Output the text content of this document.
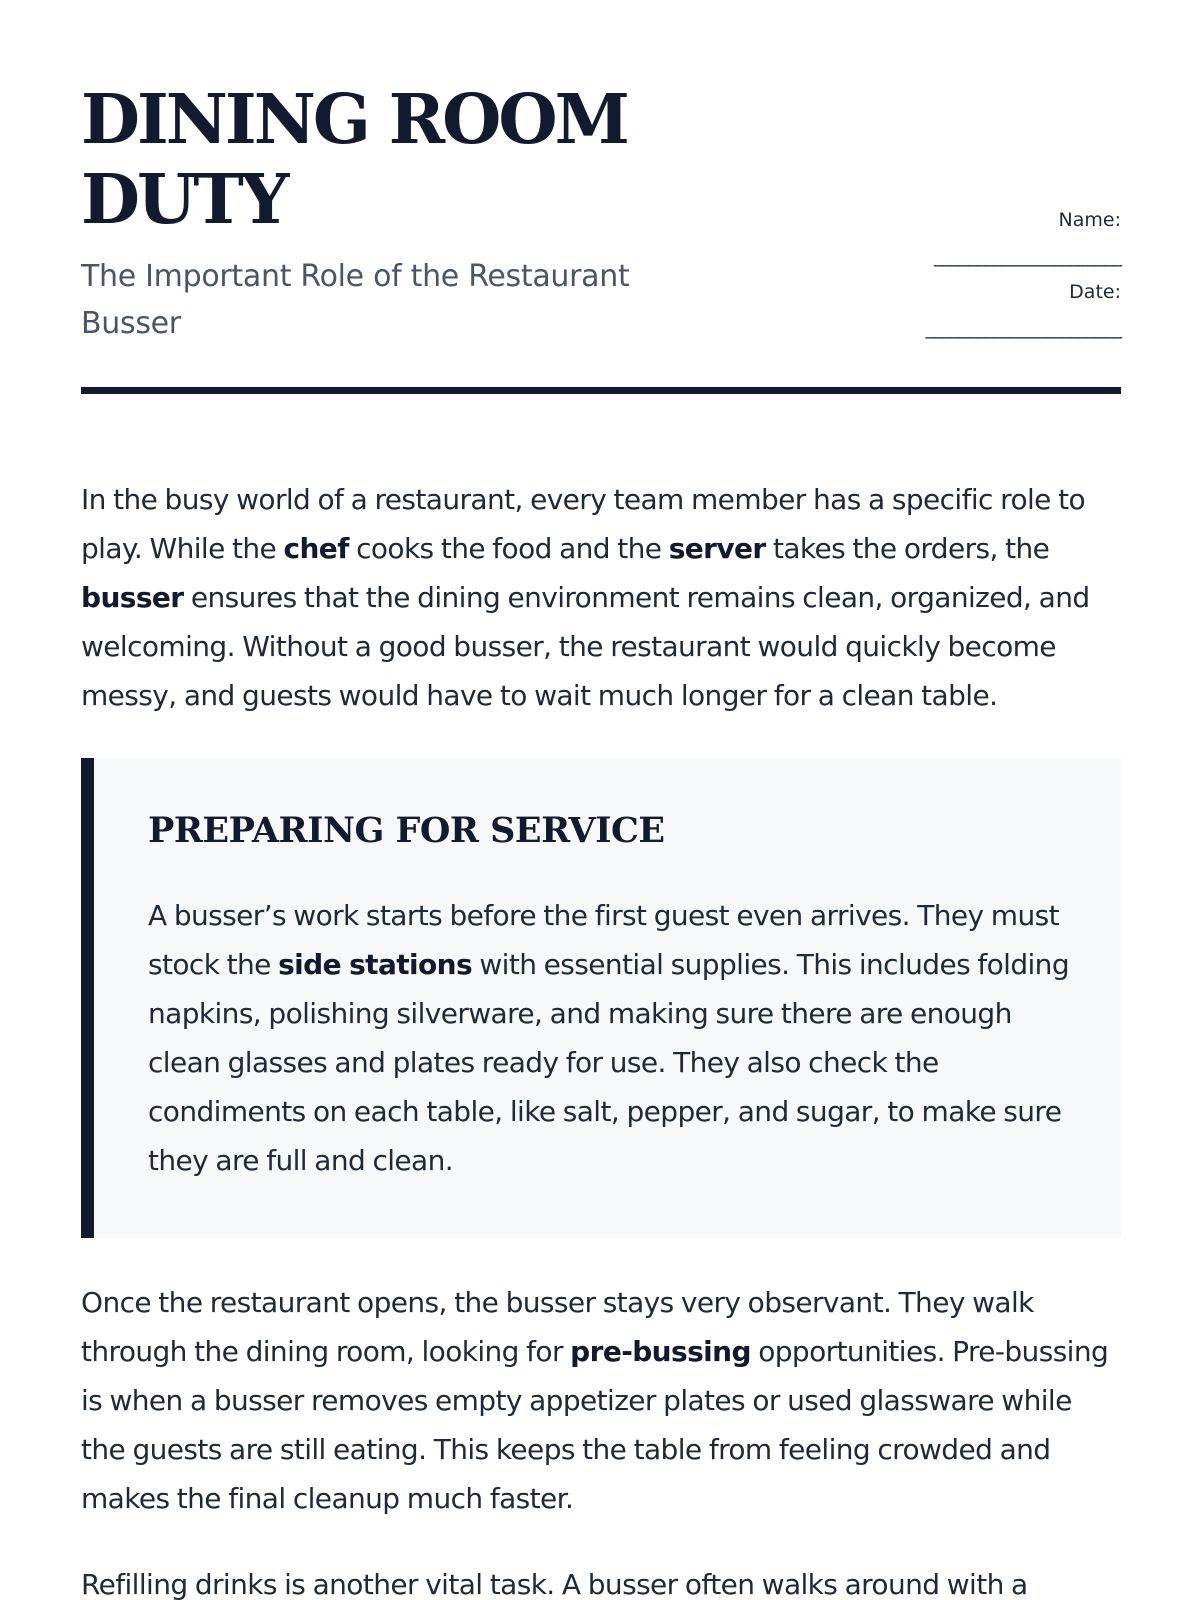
DINING ROOM
DUTY

The Important Role of the Restaurant Busser

Name:
______________________
Date:
_______________________

In the busy world of a restaurant, every team member has a specific role to play. While the chef cooks the food and the server takes the orders, the busser ensures that the dining environment remains clean, organized, and welcoming. Without a good busser, the restaurant would quickly become messy, and guests would have to wait much longer for a clean table.

PREPARING FOR SERVICE

A busser’s work starts before the first guest even arrives. They must stock the side stations with essential supplies. This includes folding napkins, polishing silverware, and making sure there are enough clean glasses and plates ready for use. They also check the condiments on each table, like salt, pepper, and sugar, to make sure they are full and clean.

Once the restaurant opens, the busser stays very observant. They walk through the dining room, looking for pre-bussing opportunities. Pre-bussing is when a busser removes empty appetizer plates or used glassware while the guests are still eating. This keeps the table from feeling crowded and makes the final cleanup much faster.

Refilling drinks is another vital task. A busser often walks around with a
